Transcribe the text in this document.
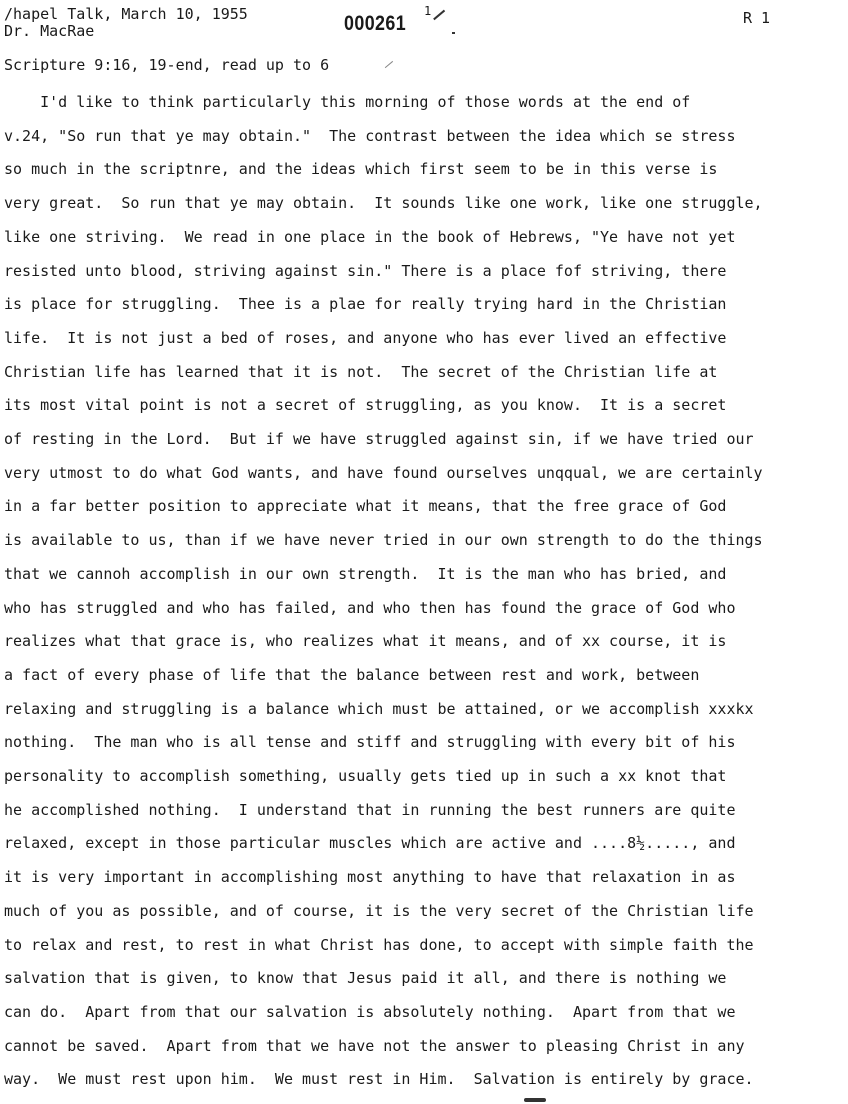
/hapel Talk, March 10, 1955
Dr. MacRae	000261
1	R 1
Scripture 9:16, 19-end, read up to 6
I'd like to think particularly this morning of those words at the end of
v.24, "So run that ye may obtain."  The contrast between the idea which se stress
so much in the scriptnre, and the ideas which first seem to be in this verse is
very great.  So run that ye may obtain.  It sounds like one work, like one struggle,
like one striving.  We read in one place in the book of Hebrews, "Ye have not yet
resisted unto blood, striving against sin." There is a place fof striving, there
is place for struggling.  Thee is a plae for really trying hard in the Christian
life.  It is not just a bed of roses, and anyone who has ever lived an effective
Christian life has learned that it is not.  The secret of the Christian life at
its most vital point is not a secret of struggling, as you know.  It is a secret
of resting in the Lord.  But if we have struggled against sin, if we have tried our
very utmost to do what God wants, and have found ourselves unqqual, we are certainly
in a far better position to appreciate what it means, that the free grace of God
is available to us, than if we have never tried in our own strength to do the things
that we cannoh accomplish in our own strength.  It is the man who has bried, and
who has struggled and who has failed, and who then has found the grace of God who
realizes what that grace is, who realizes what it means, and of xx course, it is
a fact of every phase of life that the balance between rest and work, between
relaxing and struggling is a balance which must be attained, or we accomplish xxxkx
nothing.  The man who is all tense and stiff and struggling with every bit of his
personality to accomplish something, usually gets tied up in such a xx knot that
he accomplished nothing.  I understand that in running the best runners are quite
relaxed, except in those particular muscles which are active and ....8½....., and
it is very important in accomplishing most anything to have that relaxation in as
much of you as possible, and of course, it is the very secret of the Christian life
to relax and rest, to rest in what Christ has done, to accept with simple faith the
salvation that is given, to know that Jesus paid it all, and there is nothing we
can do.  Apart from that our salvation is absolutely nothing.  Apart from that we
cannot be saved.  Apart from that we have not the answer to pleasing Christ in any
way.  We must rest upon him.  We must rest in Him.  Salvation is entirely by grace.
